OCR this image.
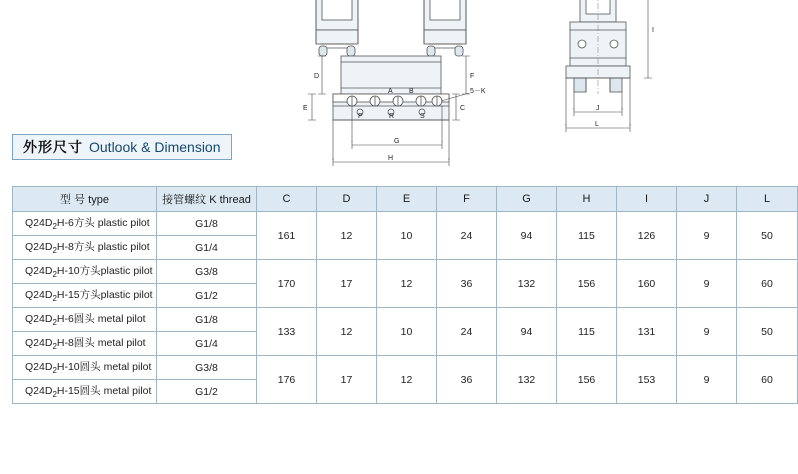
A B
P	R	S
D
E
F
C
5－K
G
H
I
J
L
外形尺寸 Outlook & Dimension
型 号 type	接管螺纹 K thread	C	D	E	F	G	H	I	J	L
$Q24D_2H-6$方头 plastic pilot	G1/8	161	12	10	24	94	115	126	9	50
$Q24D_2H-8$方头 plastic pilot	G1/4									
$Q24D_2H-10$方头plastic pilot	G3/8	170	17	12	36	132	156	160	9	60
$Q24D_2H-15$方头plastic pilot	G1/2									
$Q24D_2H-6$圆头 metal pilot	G1/8	133	12	10	24	94	115	131	9	50
$Q24D_2H-8$圆头 metal pilot	G1/4									
$Q24D_2H-10$圆头 metal pilot	G3/8	176	17	12	36	132	156	153	9	60
$Q24D_2H-15$圆头 metal pilot	G1/2									
